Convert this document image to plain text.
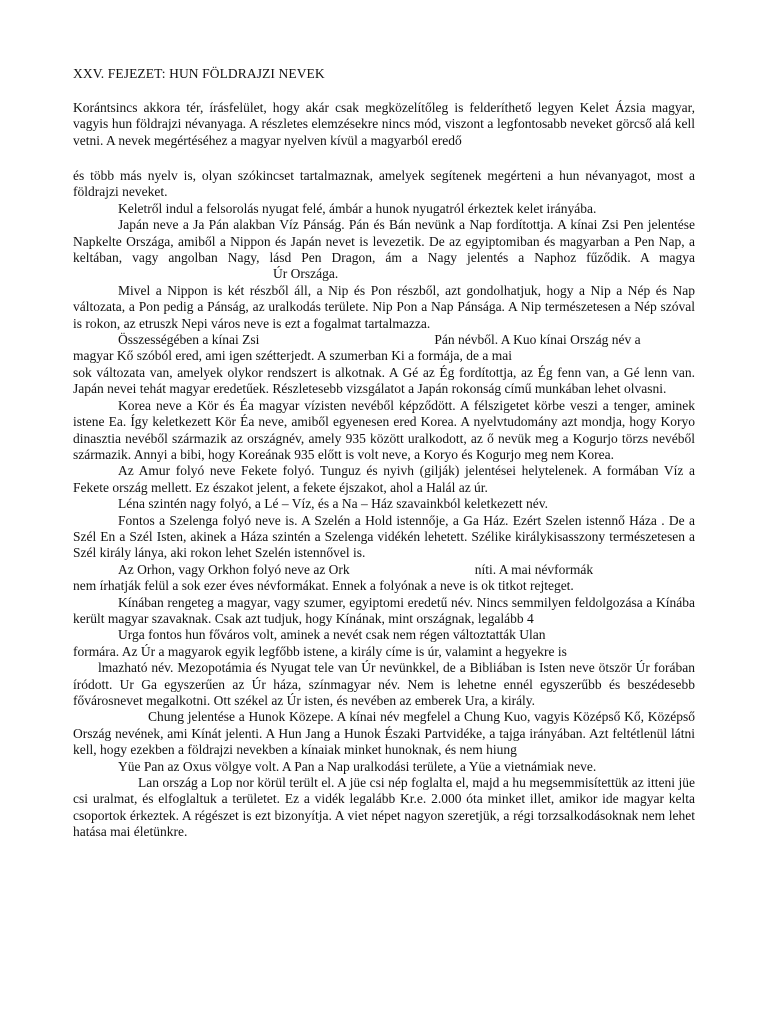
XXV. FEJEZET: HUN FÖLDRAJZI NEVEK

Korántsincs akkora tér, írásfelület, hogy akár csak megközelítőleg is felderíthető legyen Kelet Ázsia magyar, vagyis hun földrajzi névanyaga. A részletes elemzésekre nincs mód, viszont a legfontosabb neveket görcső alá kell vetni. A nevek megértéséhez a magyar nyelven kívül a magyarból eredő

és több más nyelv is, olyan szókincset tartalmaznak, amelyek segítenek megérteni a hun névanyagot, most a földrajzi neveket.

Keletről indul a felsorolás nyugat felé, ámbár a hunok nyugatról érkeztek kelet irányába.

Japán neve a Ja Pán alakban Víz Pánság. Pán és Bán nevünk a Nap fordítottja. A kínai Zsi Pen jelentése Napkelte Országa, amiből a Nippon és Japán nevet is levezetik. De az egyiptomiban és magyarban a Pen Nap, a keltában, vagy angolban Nagy, lásd Pen Dragon, ám a Nagy jelentés a Naphoz fűződik. A magyaÚr Országa.

Mivel a Nippon is két részből áll, a Nip és Pon részből, azt gondolhatjuk, hogy a Nip a Nép és Nap változata, a Pon pedig a Pánság, az uralkodás területe. Nip Pon a Nap Pánsága. A Nip természetesen a Nép szóval is rokon, az etruszk Nepi város neve is ezt a fogalmat tartalmazza.

Összességében a kínai Zsi	Pán névből. A Kuo kínai Ország név a

magyar Kő szóból ered, ami igen szétterjedt. A szumerban Ki a formája, de a mai

sok változata van, amelyek olykor rendszert is alkotnak. A Gé az Ég fordítottja, az Ég fenn van, a Gé lenn van. Japán nevei tehát magyar eredetűek. Részletesebb vizsgálatot a Japán rokonság című munkában lehet olvasni.

Korea neve a Kör és Éa magyar vízisten nevéből képződött. A félszigetet körbe veszi a tenger, aminek istene Ea. Így keletkezett Kör Éa neve, amiből egyenesen ered Korea. A nyelvtudomány azt mondja, hogy Koryo dinasztia nevéből származik az országnév, amely 935 között uralkodott, az ő nevük meg a Kogurjo törzs nevéből származik. Annyi a bibi, hogy Koreának 935 előtt is volt neve, a Koryo és Kogurjo meg nem Korea.

Az Amur folyó neve Fekete folyó. Tunguz és nyivh (gilják) jelentései helytelenek. A formában Víz a Fekete ország mellett. Ez északot jelent, a fekete éjszakot, ahol a Halál az úr.

Léna szintén nagy folyó, a Lé – Víz, és a Na – Ház szavainkból keletkezett név.

Fontos a Szelenga folyó neve is. A Szelén a Hold istennője, a Ga Ház. Ezért Szelen istennő Háza . De a Szél En a Szél Isten, akinek a Háza szintén a Szelenga vidékén lehetett. Szélike királykisasszony természetesen a Szél király lánya, aki rokon lehet Szelén istennővel is.

Az Orhon, vagy Orkhon folyó neve az Ork	níti. A mai névformák

nem írhatják felül a sok ezer éves névformákat. Ennek a folyónak a neve is ok titkot rejteget.

Kínában rengeteg a magyar, vagy szumer, egyiptomi eredetű név. Nincs semmilyen feldolgozása a Kínába került magyar szavaknak. Csak azt tudjuk, hogy Kínának, mint országnak, legalább 4

Urga fontos hun főváros volt, aminek a nevét csak nem régen változtatták Ulan

formára. Az Úr a magyarok egyik legfőbb istene, a király címe is úr, valamint a hegyekre is

lmazható név. Mezopotámia és Nyugat tele van Úr nevünkkel, de a Bibliában is Isten neve ötször Úr forában íródott. Ur Ga egyszerűen az Úr háza, színmagyar név. Nem is lehetne ennél egyszerűbb és beszédesebb fővárosnevet megalkotni. Ott székel az Úr isten, és nevében az emberek Ura, a király.

Chung jelentése a Hunok Közepe. A kínai név megfelel a Chung Kuo, vagyis Középső Kő, Középső Ország nevének, ami Kínát jelenti. A Hun Jang a Hunok Északi Partvidéke, a tajga irányában. Azt feltétlenül látni kell, hogy ezekben a földrajzi nevekben a kínaiak minket hunoknak, és nem hiung

Yüe Pan az Oxus völgye volt. A Pan a Nap uralkodási területe, a Yüe a vietnámiak neve.

Lan ország a Lop nor körül terült el. A jüe csi nép foglalta el, majd a hu megsemmisítettük az itteni jüe csi uralmat, és elfoglaltuk a területet. Ez a vidék legalább Kr.e. 2.000 óta minket illet, amikor ide magyar kelta csoportok érkeztek. A régészet is ezt bizonyítja. A viet népet nagyon szeretjük, a régi torzsalkodásoknak nem lehet hatása mai életünkre.
